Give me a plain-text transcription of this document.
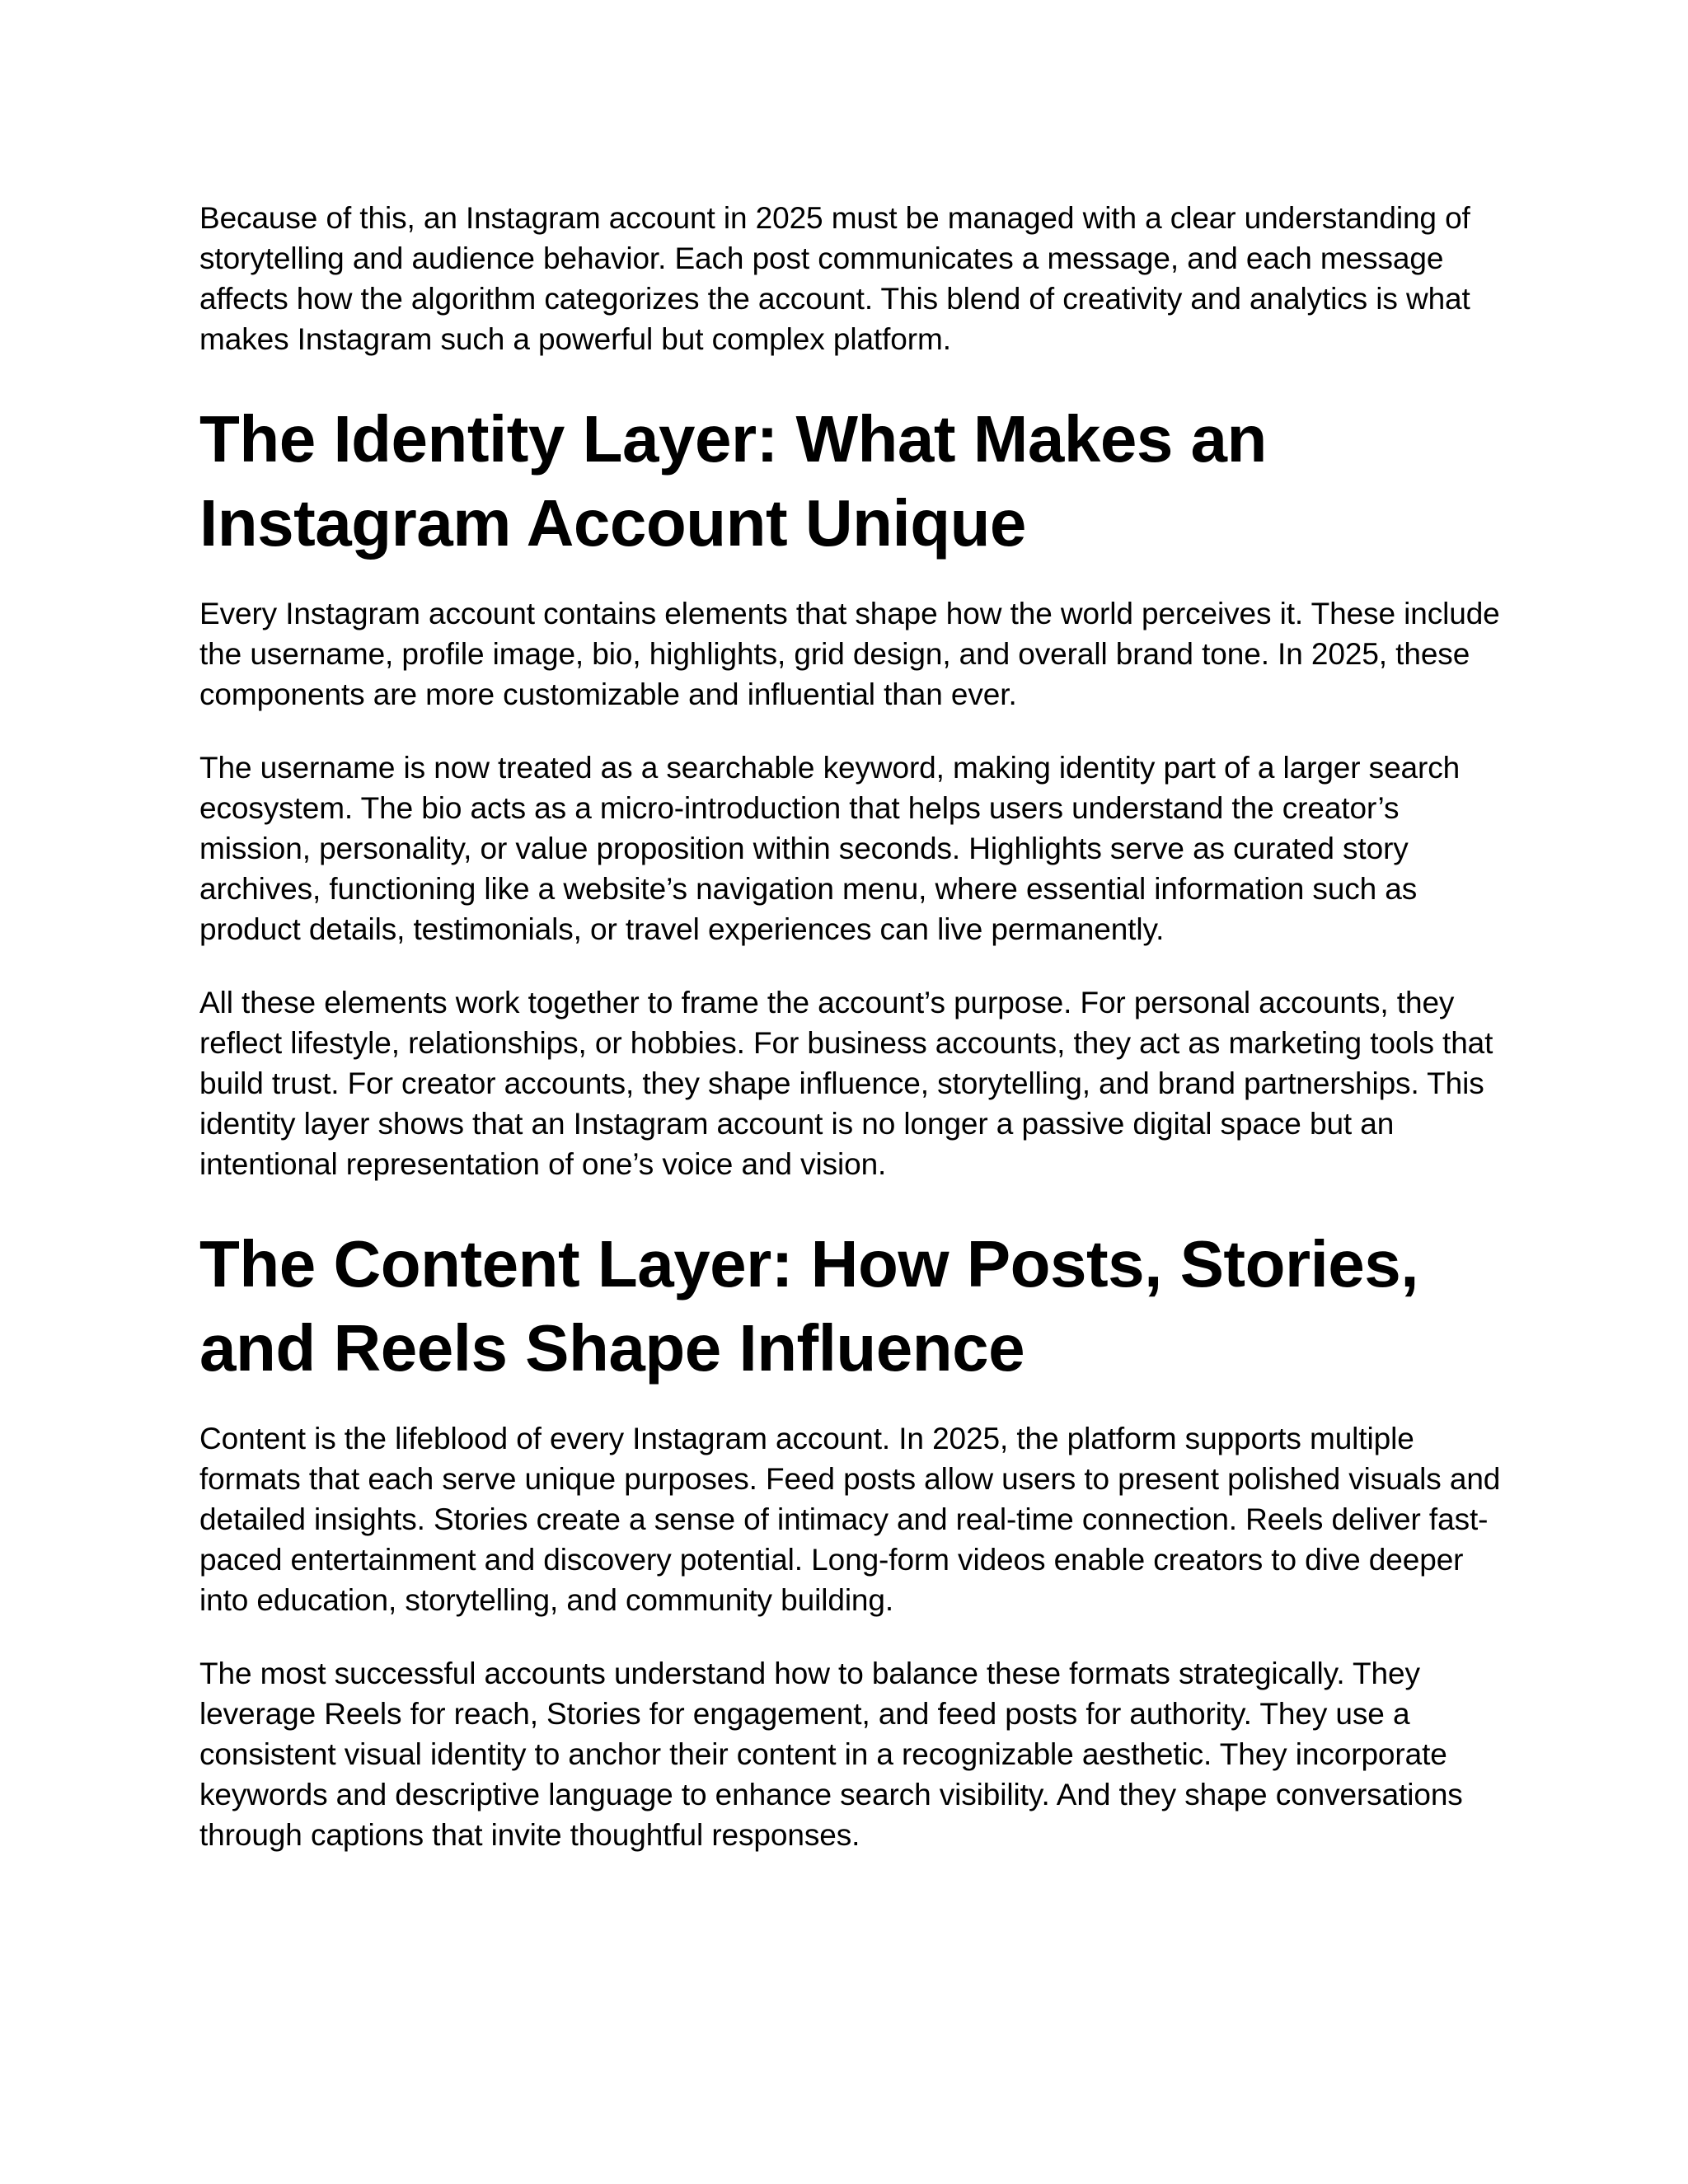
Because of this, an Instagram account in 2025 must be managed with a clear understanding of storytelling and audience behavior. Each post communicates a message, and each message affects how the algorithm categorizes the account. This blend of creativity and analytics is what makes Instagram such a powerful but complex platform.

The Identity Layer: What Makes an Instagram Account Unique

Every Instagram account contains elements that shape how the world perceives it. These include the username, profile image, bio, highlights, grid design, and overall brand tone. In 2025, these components are more customizable and influential than ever.

The username is now treated as a searchable keyword, making identity part of a larger search ecosystem. The bio acts as a micro-introduction that helps users understand the creator’s mission, personality, or value proposition within seconds. Highlights serve as curated story archives, functioning like a website’s navigation menu, where essential information such as product details, testimonials, or travel experiences can live permanently.

All these elements work together to frame the account’s purpose. For personal accounts, they reflect lifestyle, relationships, or hobbies. For business accounts, they act as marketing tools that build trust. For creator accounts, they shape influence, storytelling, and brand partnerships. This identity layer shows that an Instagram account is no longer a passive digital space but an intentional representation of one’s voice and vision.

The Content Layer: How Posts, Stories, and Reels Shape Influence

Content is the lifeblood of every Instagram account. In 2025, the platform supports multiple formats that each serve unique purposes. Feed posts allow users to present polished visuals and detailed insights. Stories create a sense of intimacy and real-time connection. Reels deliver fast-paced entertainment and discovery potential. Long-form videos enable creators to dive deeper into education, storytelling, and community building.

The most successful accounts understand how to balance these formats strategically. They leverage Reels for reach, Stories for engagement, and feed posts for authority. They use a consistent visual identity to anchor their content in a recognizable aesthetic. They incorporate keywords and descriptive language to enhance search visibility. And they shape conversations through captions that invite thoughtful responses.
